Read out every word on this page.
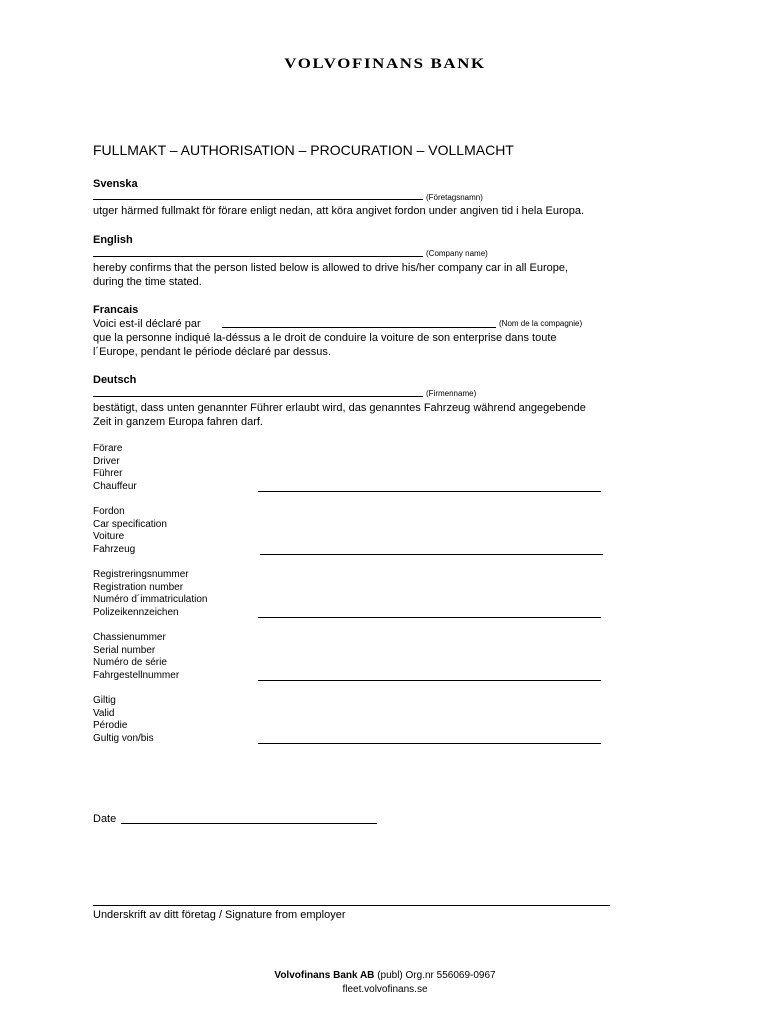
VOLVOFINANS BANK
FULLMAKT – AUTHORISATION – PROCURATION – VOLLMACHT
Svenska
(Företagsnamn)
utger härmed fullmakt för förare enligt nedan, att köra angivet fordon under angiven tid i hela Europa.
English
(Company name)
hereby confirms that the person listed below is allowed to drive his/her company car in all Europe,
during the time stated.
Francais
Voici est-il déclaré par	(Nom de la compagnie)
que la personne indiqué la-déssus a le droit de conduire la voiture de son enterprise dans toute
l´Europe, pendant le période déclaré par dessus.
Deutsch
(Firmenname)
bestätigt, dass unten genannter Führer erlaubt wird, das genanntes Fahrzeug während angegebende
Zeit in ganzem Europa fahren darf.
Förare
Driver
Führer
Chauffeur
Fordon
Car specification
Voiture
Fahrzeug
Registreringsnummer
Registration number
Numéro d´immatriculation
Polizeikennzeichen
Chassienummer
Serial number
Numéro de série
Fahrgestellnummer
Giltig
Valid
Pérodie
Gultig von/bis
Date
Underskrift av ditt företag / Signature from employer
Volvofinans Bank AB (publ) Org.nr 556069-0967
fleet.volvofinans.se
